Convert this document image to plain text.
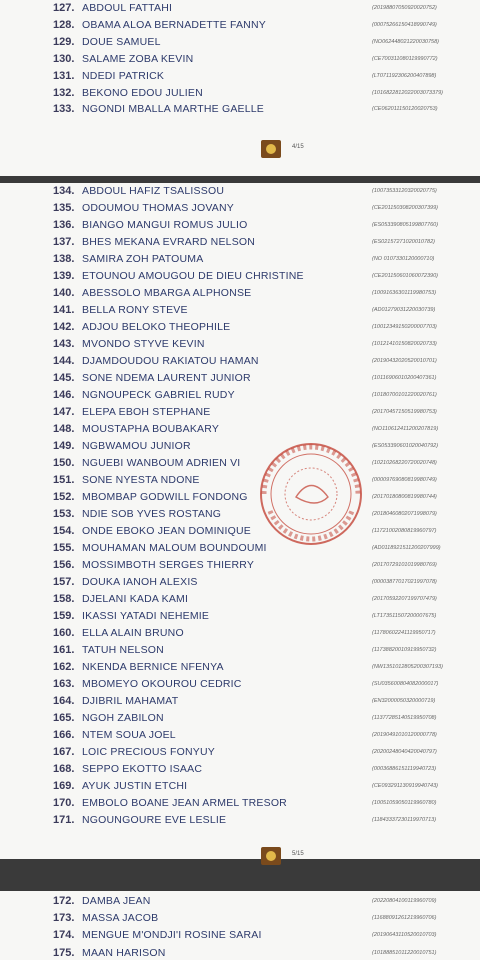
127. ABDOUL FATTAHI	(20198807050920020752)
128. OBAMA ALOA BERNADETTE FANNY	(00075266150418990749)
129. DOUE SAMUEL	(NO062448021220030758)
130. SALAME ZOBA KEVIN	(CE700311080119990772)
131. NDEDI PATRICK	(LT071192306200407898)
132. BEKONO EDOU JULIEN	(1016822812022003073379)
133. NGONDI MBALLA MARTHE GAELLE	(CE062011150120020753)
4/15
134. ABDOUL HAFIZ TSALISSOU	(10073533120320020775)
135. ODOUMOU THOMAS JOVANY	(CE201150308200307399)
136. BIANGO MANGUI ROMUS JULIO	(ES053390805199807760)
137. BHES MEKANA EVRARD NELSON	(ES02157271020010782)
138. SAMIRA ZOH PATOUMA	(NO 0107330120000710)
139. ETOUNOU AMOUGOU DE DIEU CHRISTINE	(CE201150601060072390)
140. ABESSOLO MBARGA ALPHONSE	(10091636301119980753)
141. BELLA RONY STEVE	(AD01279031220030739)
142. ADJOU BELOKO THEOPHILE	(10012349150200007703)
143. MVONDO STYVE KEVIN	(10121410150820020733)
144. DJAMDOUDOU RAKIATOU HAMAN	(20190432020520010701)
145. SONE NDEMA LAURENT JUNIOR	(10116906010200407361)
146. NGNOUPECK GABRIEL RUDY	(10180700101220020761)
147. ELEPA EBOH STEPHANE	(20170457150519980753)
148. MOUSTAPHA BOUBAKARY	(NO110612411200207819)
149. NGBWAMOU JUNIOR	(ES053390601020040792)
150. NGUEBI WANBOUM ADRIEN VI	(10210268220720020748)
151. SONE NYESTA NDONE	(00009769080819980749)
152. MBOMBAP GODWILL FONDONG	(20170180800819980744)
153. NDIE SOB YVES ROSTANG	(20180460802071998079)
154. ONDE EBOKO JEAN DOMINIQUE	(11721002080819960797)
155. MOUHAMAN MALOUM BOUNDOUMI	(AD0118921511200207999)
156. MOSSIMBOTH SERGES THIERRY	(20170729101019980769)
157. DOUKA IANOH ALEXIS	(00003877017021997078)
158. DJELANI KADA KAMI	(20170592207199707479)
159. IKASSI YATADI NEHEMIE	(LT173511507200007675)
160. ELLA ALAIN BRUNO	(11780602241119950717)
161. TATUH NELSON	(11738820010919950732)
162. NKENDA BERNICE NFENYA	(NW1351012805200307193)
163. MBOMEYO OKOUROU CEDRIC	(SU035600804082000017)
164. DJIBRIL MAHAMAT	(EN32000050320000719)
165. NGOH ZABILON	(11377285140519950708)
166. NTEM SOUA JOEL	(20190491010120000778)
167. LOIC PRECIOUS FONYUY	(20200248040420040797)
168. SEPPO EKOTTO ISAAC	(00036886151119940723)
169. AYUK JUSTIN ETCHI	(CE093291130919940743)
170. EMBOLO BOANE JEAN ARMEL TRESOR	(10051059050119960780)
171. NGOUNGOURE EVE LESLIE	(11843337230119970713)
5/15
172. DAMBA JEAN	(20220804100119960709)
173. MASSA JACOB	(11688091261219960706)
174. MENGUE M'ONDJI'I ROSINE SARAI	(20190643110520010703)
175. MAAN HARISON	(10188851011220010751)
